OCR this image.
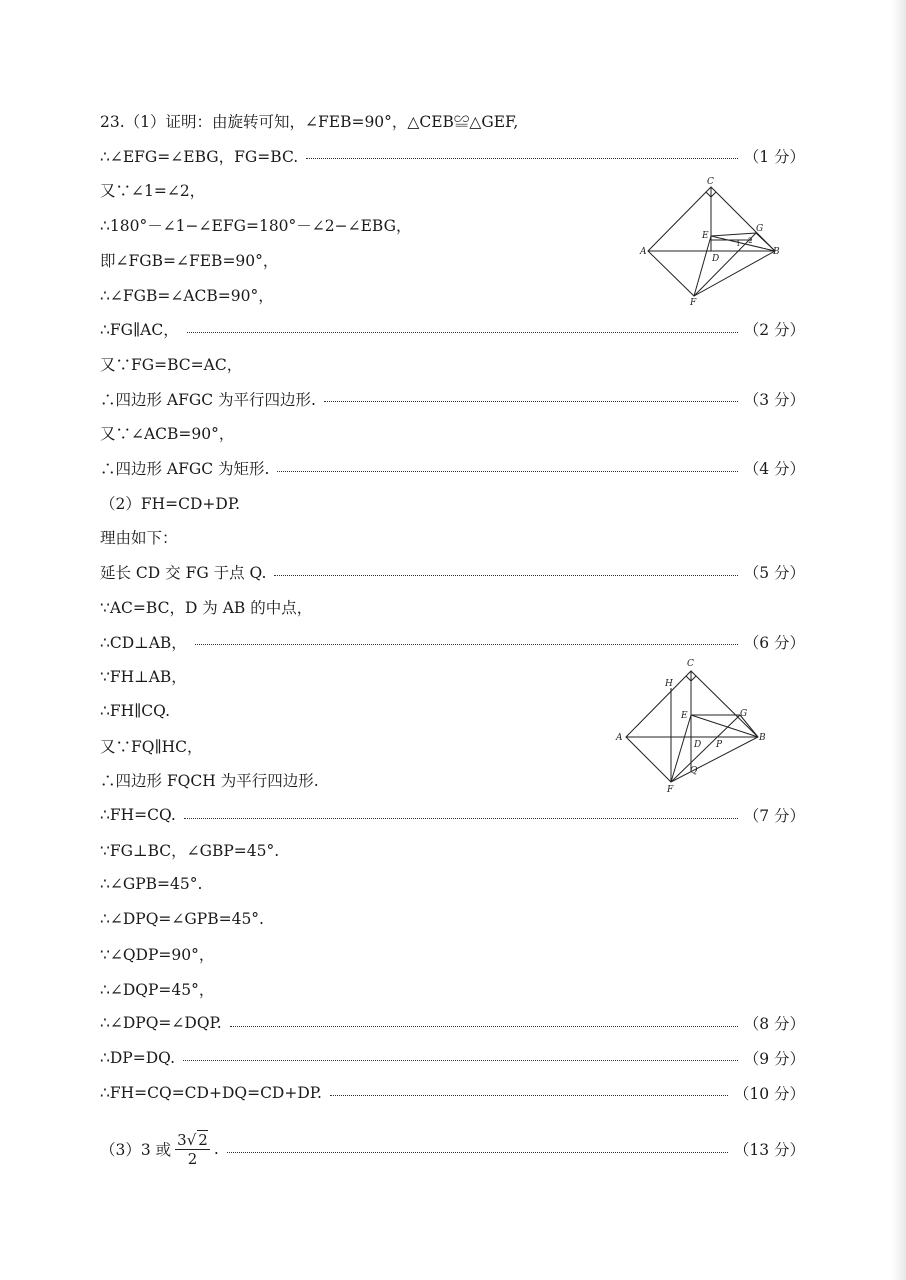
23.（1）证明：由旋转可知，∠FEB=90°，△CEB≌△GEF,
∴∠EFG=∠EBG，FG=BC.	（1 分）
又∵∠1=∠2，
∴180°－∠1−∠EFG=180°－∠2−∠EBG，
即∠FGB=∠FEB=90°，
∴∠FGB=∠ACB=90°，
∴FG∥AC，	（2 分）
又∵FG=BC=AC，
∴四边形 AFGC 为平行四边形.	（3 分）
又∵∠ACB=90°，
∴四边形 AFGC 为矩形.	（4 分）
（2）FH=CD+DP.
理由如下：
延长 CD 交 FG 于点 Q.	（5 分）
∵AC=BC，D 为 AB 的中点，
∴CD⊥AB，	（6 分）
∵FH⊥AB，
∴FH∥CQ.
又∵FQ∥HC，
∴四边形 FQCH 为平行四边形.
∴FH=CQ.	（7 分）
∵FG⊥BC，∠GBP=45°.
∴∠GPB=45°.
∴∠DPQ=∠GPB=45°.
∵∠QDP=90°，
∴∠DQP=45°，
∴∠DPQ=∠DQP.	（8 分）
∴DP=DQ.	（9 分）
∴FH=CQ=CD+DQ=CD+DP.	（10 分）
（3）3 或 $\frac{3√ 2}{2}$ .	（13 分）
C
A	B
D
E
G
F
1 2
C
H
A	B
E	G
D P
Q
F
